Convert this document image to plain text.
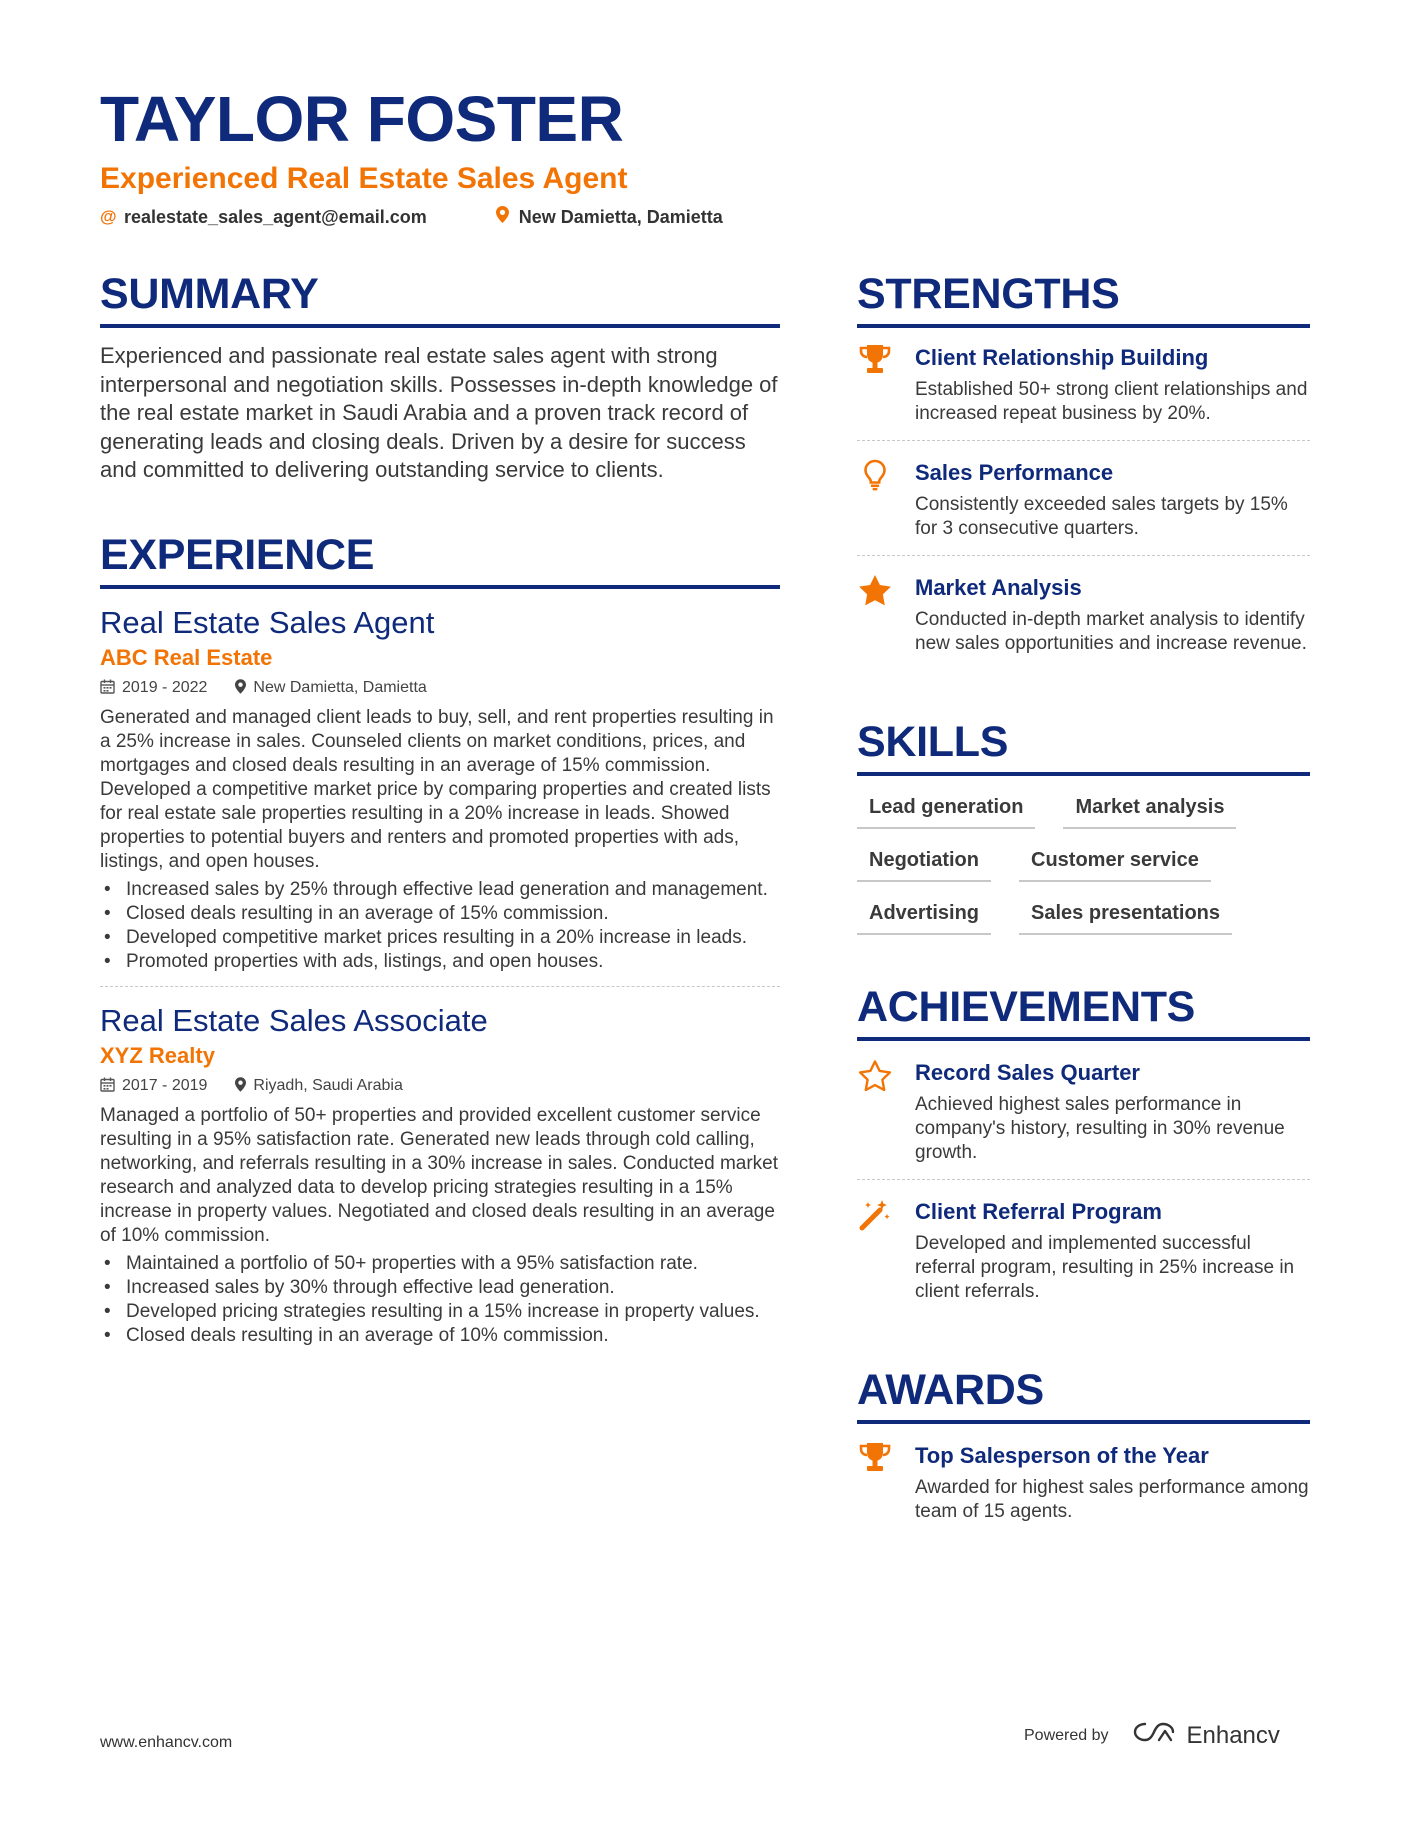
TAYLOR FOSTER
Experienced Real Estate Sales Agent
@ realestate_sales_agent@email.com	New Damietta, Damietta
SUMMARY

Experienced and passionate real estate sales agent with strong interpersonal and negotiation skills. Possesses in-depth knowledge of the real estate market in Saudi Arabia and a proven track record of generating leads and closing deals. Driven by a desire for success and committed to delivering outstanding service to clients.

EXPERIENCE
Real Estate Sales Agent
ABC Real Estate
2019 - 2022	New Damietta, Damietta

Generated and managed client leads to buy, sell, and rent properties resulting in a 25% increase in sales. Counseled clients on market conditions, prices, and mortgages and closed deals resulting in an average of 15% commission. Developed a competitive market price by comparing properties and created lists for real estate sale properties resulting in a 20% increase in leads. Showed properties to potential buyers and renters and promoted properties with ads, listings, and open houses.

• Increased sales by 25% through effective lead generation and management.
• Closed deals resulting in an average of 15% commission.
• Developed competitive market prices resulting in a 20% increase in leads.
• Promoted properties with ads, listings, and open houses.
Real Estate Sales Associate
XYZ Realty
2017 - 2019	Riyadh, Saudi Arabia

Managed a portfolio of 50+ properties and provided excellent customer service resulting in a 95% satisfaction rate. Generated new leads through cold calling, networking, and referrals resulting in a 30% increase in sales. Conducted market research and analyzed data to develop pricing strategies resulting in a 15% increase in property values. Negotiated and closed deals resulting in an average of 10% commission.

• Maintained a portfolio of 50+ properties with a 95% satisfaction rate.
• Increased sales by 30% through effective lead generation.
• Developed pricing strategies resulting in a 15% increase in property values.
• Closed deals resulting in an average of 10% commission.
STRENGTHS
Client Relationship Building
Established 50+ strong client relationships and increased repeat business by 20%.
Sales Performance
Consistently exceeded sales targets by 15% for 3 consecutive quarters.
Market Analysis
Conducted in-depth market analysis to identify new sales opportunities and increase revenue.
SKILLS
Lead generation	Market analysis
Negotiation	Customer service
Advertising	Sales presentations
ACHIEVEMENTS
Record Sales Quarter
Achieved highest sales performance in company's history, resulting in 30% revenue growth.
Client Referral Program
Developed and implemented successful referral program, resulting in 25% increase in client referrals.
AWARDS
Top Salesperson of the Year
Awarded for highest sales performance among team of 15 agents.
www.enhancv.com	Powered by	Enhancv
